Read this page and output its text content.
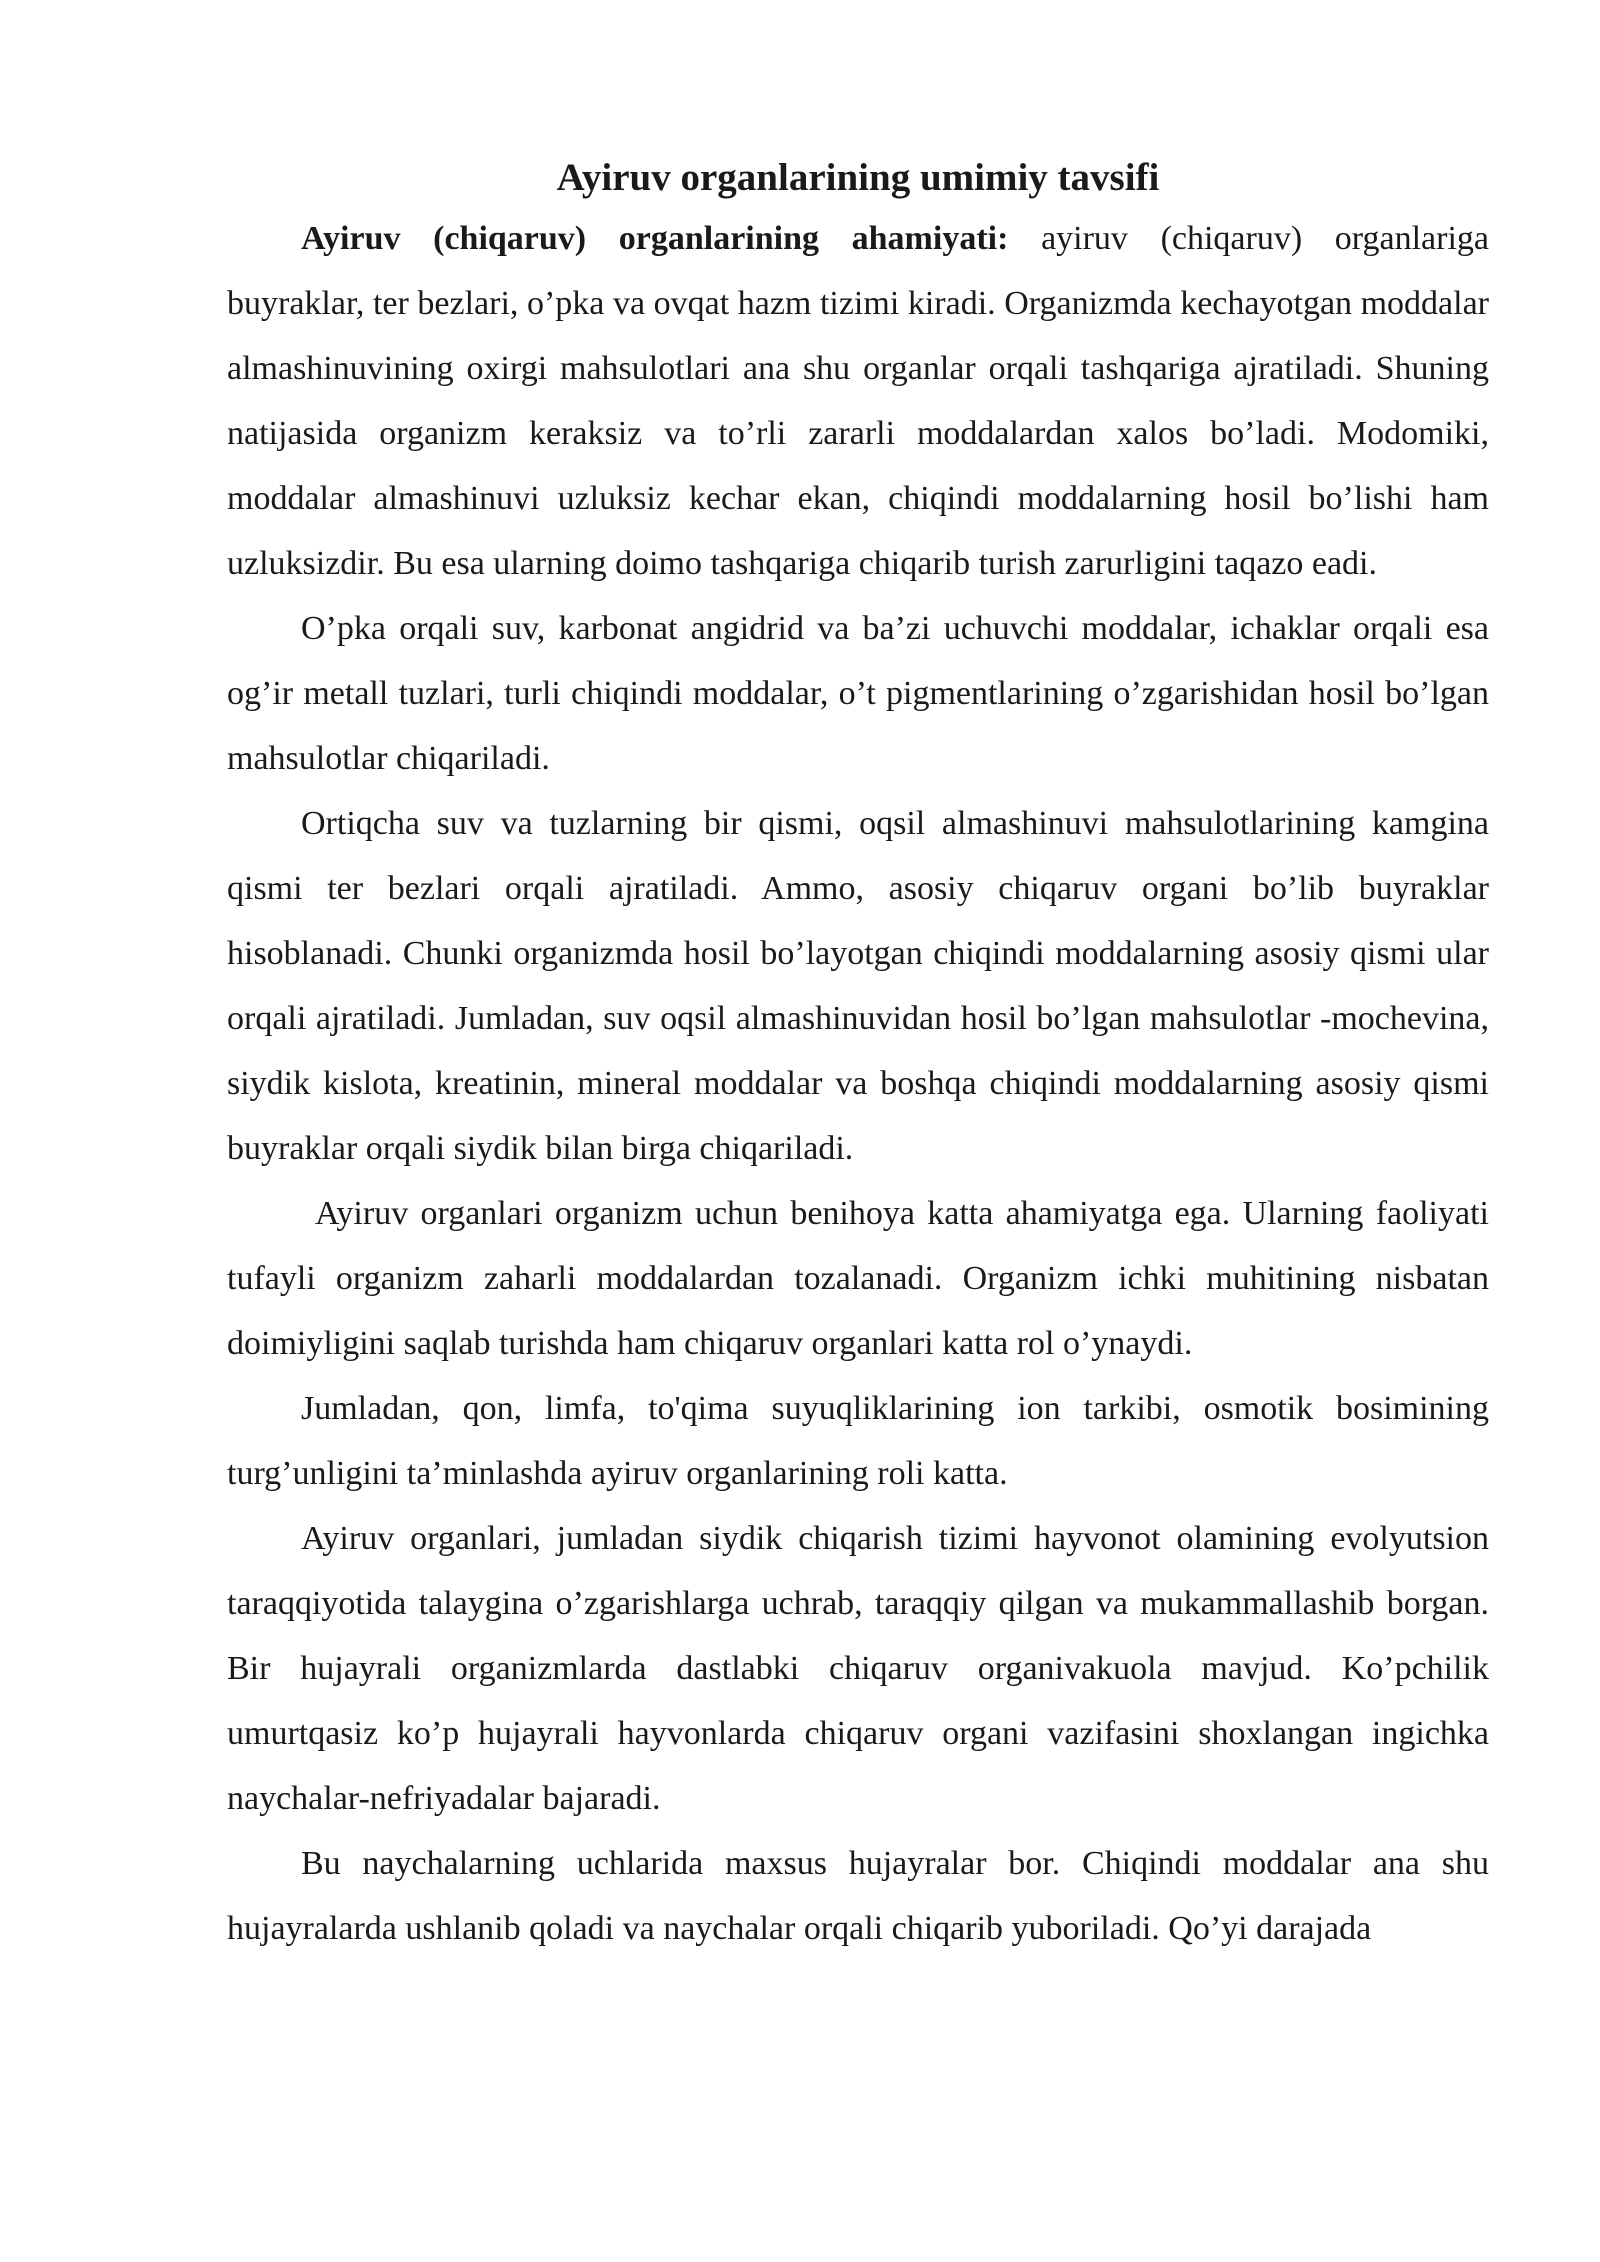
Ayiruv organlarining umimiy tavsifi

Ayiruv (chiqaruv) organlarining ahamiyati: ayiruv (chiqaruv) organlariga buyraklar, ter bezlari, o’pka va ovqat hazm tizimi kiradi. Organizmda kechayotgan moddalar almashinuvining oxirgi mahsulotlari ana shu organlar orqali tashqariga ajratiladi. Shuning natijasida organizm keraksiz va to’rli zararli moddalardan xalos bo’ladi. Modomiki, moddalar almashinuvi uzluksiz kechar ekan, chiqindi moddalarning hosil bo’lishi ham uzluksizdir. Bu esa ularning doimo tashqariga chiqarib turish zarurligini taqazo eadi.

O’pka orqali suv, karbonat angidrid va ba’zi uchuvchi moddalar, ichaklar orqali esa og’ir metall tuzlari, turli chiqindi moddalar, o’t pigmentlarining o’zgarishidan hosil bo’lgan mahsulotlar chiqariladi.

Ortiqcha suv va tuzlarning bir qismi, oqsil almashinuvi mahsulotlarining kamgina qismi ter bezlari orqali ajratiladi. Ammo, asosiy chiqaruv organi bo’lib buyraklar hisoblanadi. Chunki organizmda hosil bo’layotgan chiqindi moddalarning asosiy qismi ular orqali ajratiladi. Jumladan, suv oqsil almashinuvidan hosil bo’lgan mahsulotlar -mochevina, siydik kislota, kreatinin, mineral moddalar va boshqa chiqindi moddalarning asosiy qismi buyraklar orqali siydik bilan birga chiqariladi.

Ayiruv organlari organizm uchun benihoya katta ahamiyatga ega. Ularning faoliyati tufayli organizm zaharli moddalardan tozalanadi. Organizm ichki muhitining nisbatan doimiyligini saqlab turishda ham chiqaruv organlari katta rol o’ynaydi.

Jumladan, qon, limfa, to'qima suyuqliklarining ion tarkibi, osmotik bosimining turg’unligini ta’minlashda ayiruv organlarining roli katta.

Ayiruv organlari, jumladan siydik chiqarish tizimi hayvonot olamining evolyutsion taraqqiyotida talaygina o’zgarishlarga uchrab, taraqqiy qilgan va mukammallashib borgan. Bir hujayrali organizmlarda dastlabki chiqaruv organivakuola mavjud. Ko’pchilik umurtqasiz ko’p hujayrali hayvonlarda chiqaruv organi vazifasini shoxlangan ingichka naychalar-nefriyadalar bajaradi.

Bu naychalarning uchlarida maxsus hujayralar bor. Chiqindi moddalar ana shu hujayralarda ushlanib qoladi va naychalar orqali chiqarib yuboriladi. Qo’yi darajada
